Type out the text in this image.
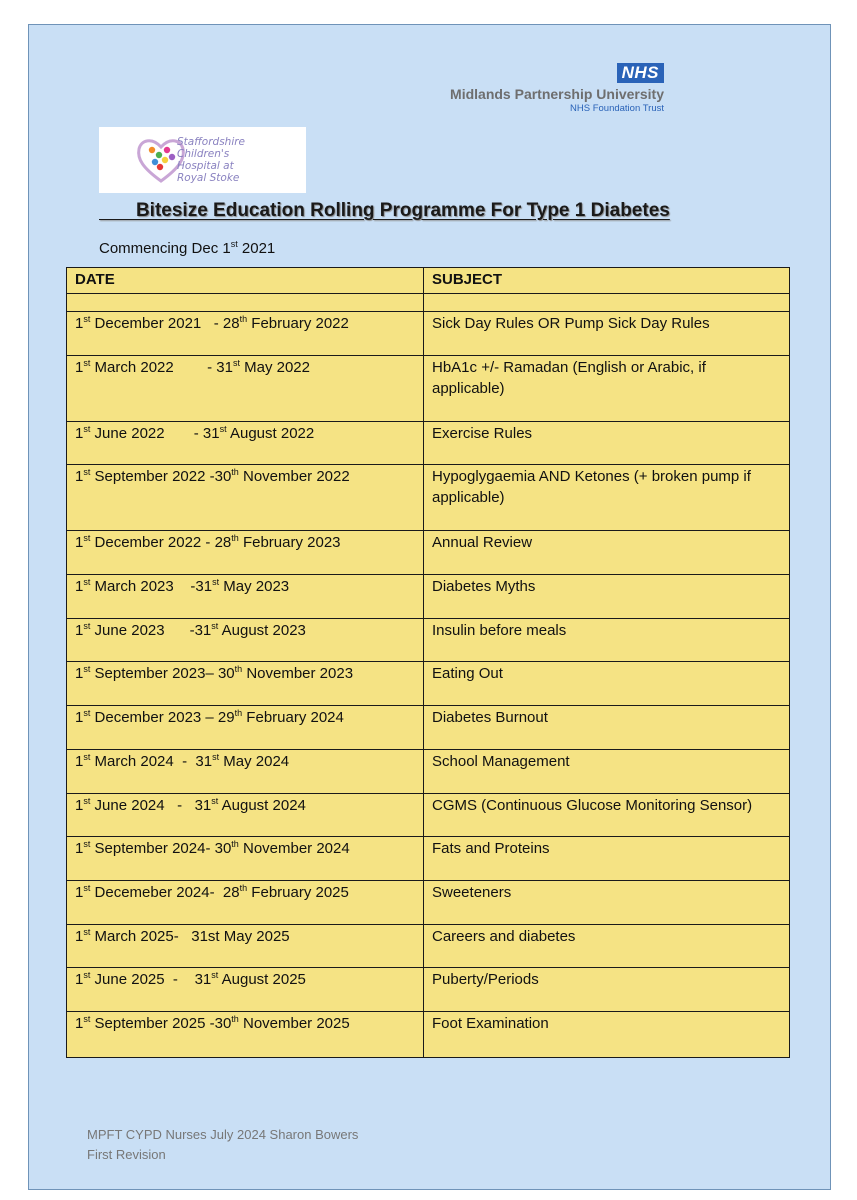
NHS
Midlands Partnership University
NHS Foundation Trust
Staffordshire
Children's
Hospital at
Royal Stoke
Bitesize Education Rolling Programme For Type 1 Diabetes
Commencing Dec 1st 2021
DATE	SUBJECT

1st December 2021   - 28th February 2022	Sick Day Rules OR Pump Sick Day Rules

1st March 2022        - 31st May 2022	HbA1c +/- Ramadan (English or Arabic, if applicable)

1st June 2022       - 31st August 2022	Exercise Rules

1st September 2022 -30th November 2022	Hypoglygaemia AND Ketones (+ broken pump if applicable)

1st December 2022 - 28th February 2023	Annual Review

1st March 2023    -31st May 2023	Diabetes Myths

1st June 2023      -31st August 2023	Insulin before meals

1st September 2023– 30th November 2023	Eating Out

1st December 2023 – 29th February 2024	Diabetes Burnout

1st March 2024  -  31st May 2024	School Management

1st June 2024   -   31st August 2024	CGMS (Continuous Glucose Monitoring Sensor)

1st September 2024- 30th November 2024	Fats and Proteins

1st Decemeber 2024-  28th February 2025	Sweeteners

1st March 2025-   31st May 2025	Careers and diabetes

1st June 2025  -    31st August 2025	Puberty/Periods

1st September 2025 -30th November 2025	Foot Examination
MPFT CYPD Nurses July 2024 Sharon Bowers
First Revision
